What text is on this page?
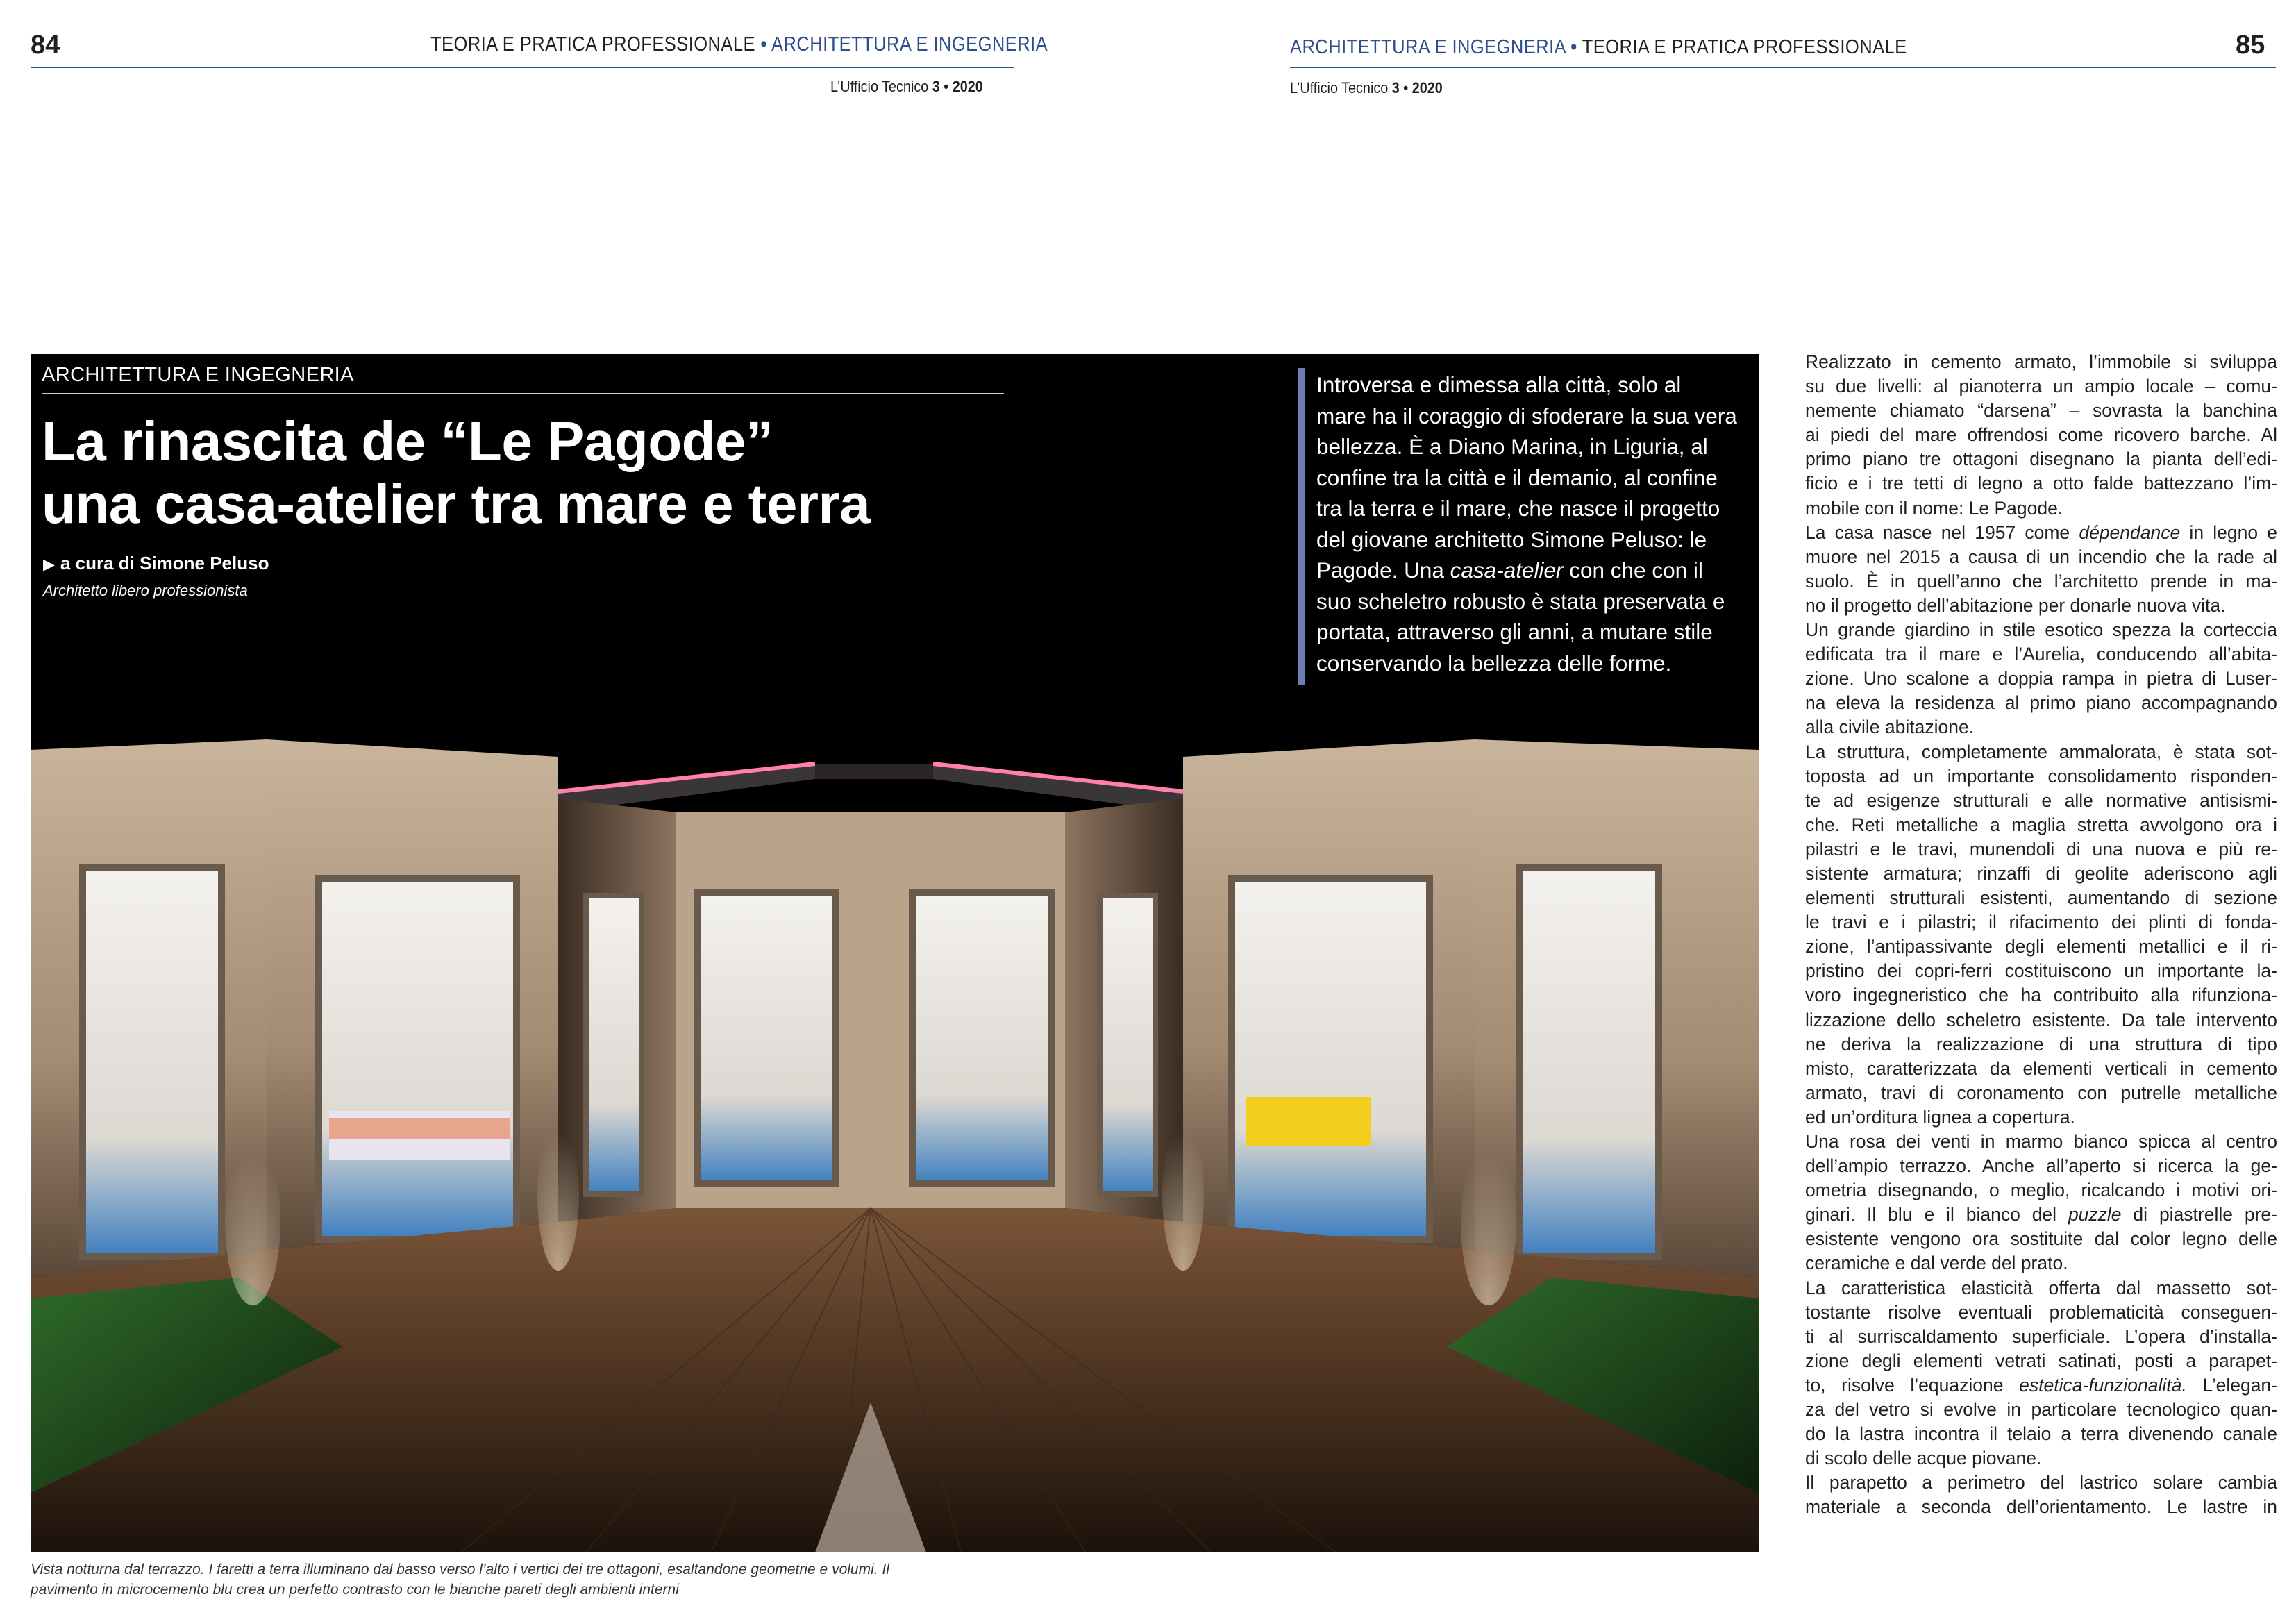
84	TEORIA E PRATICA PROFESSIONALE • ARCHITETTURA E INGEGNERIA
L’Ufficio Tecnico 3 • 2020
ARCHITETTURA E INGEGNERIA • TEORIA E PRATICA PROFESSIONALE	85
L’Ufficio Tecnico 3 • 2020
ARCHITETTURA E INGEGNERIA
La rinascita de “Le Pagode”
una casa-atelier tra mare e terra
▶ a cura di Simone Peluso
Architetto libero professionista
Introversa e dimessa alla città, solo al
mare ha il coraggio di sfoderare la sua vera
bellezza. È a Diano Marina, in Liguria, al
confine tra la città e il demanio, al confine
tra la terra e il mare, che nasce il progetto
del giovane architetto Simone Peluso: le
Pagode. Una casa-atelier con che con il
suo scheletro robusto è stata preservata e
portata, attraverso gli anni, a mutare stile
conservando la bellezza delle forme.
Vista notturna dal terrazzo. I faretti a terra illuminano dal basso verso l’alto i vertici dei tre ottagoni, esaltandone geometrie e volumi. Il
pavimento in microcemento blu crea un perfetto contrasto con le bianche pareti degli ambienti interni
Realizzato in cemento armato, l’immobile si sviluppa
su due livelli: al pianoterra un ampio locale – comu-
nemente chiamato “darsena” – sovrasta la banchina
ai piedi del mare offrendosi come ricovero barche. Al
primo piano tre ottagoni disegnano la pianta dell’edi-
ficio e i tre tetti di legno a otto falde battezzano l’im-
mobile con il nome: Le Pagode.
La casa nasce nel 1957 come dépendance in legno e
muore nel 2015 a causa di un incendio che la rade al
suolo. È in quell’anno che l’architetto prende in ma-
no il progetto dell’abitazione per donarle nuova vita.
Un grande giardino in stile esotico spezza la corteccia
edificata tra il mare e l’Aurelia, conducendo all’abita-
zione. Uno scalone a doppia rampa in pietra di Luser-
na eleva la residenza al primo piano accompagnando
alla civile abitazione.
La struttura, completamente ammalorata, è stata sot-
toposta ad un importante consolidamento risponden-
te ad esigenze strutturali e alle normative antisismi-
che. Reti metalliche a maglia stretta avvolgono ora i
pilastri e le travi, munendoli di una nuova e più re-
sistente armatura; rinzaffi di geolite aderiscono agli
elementi strutturali esistenti, aumentando di sezione
le travi e i pilastri; il rifacimento dei plinti di fonda-
zione, l’antipassivante degli elementi metallici e il ri-
pristino dei copri-ferri costituiscono un importante la-
voro ingegneristico che ha contribuito alla rifunziona-
lizzazione dello scheletro esistente. Da tale intervento
ne deriva la realizzazione di una struttura di tipo
misto, caratterizzata da elementi verticali in cemento
armato, travi di coronamento con putrelle metalliche
ed un’orditura lignea a copertura.
Una rosa dei venti in marmo bianco spicca al centro
dell’ampio terrazzo. Anche all’aperto si ricerca la ge-
ometria disegnando, o meglio, ricalcando i motivi ori-
ginari. Il blu e il bianco del puzzle di piastrelle pre-
esistente vengono ora sostituite dal color legno delle
ceramiche e dal verde del prato.
La caratteristica elasticità offerta dal massetto sot-
tostante risolve eventuali problematicità conseguen-
ti al surriscaldamento superficiale. L’opera d’installa-
zione degli elementi vetrati satinati, posti a parapet-
to, risolve l’equazione estetica-funzionalità. L’elegan-
za del vetro si evolve in particolare tecnologico quan-
do la lastra incontra il telaio a terra divenendo canale
di scolo delle acque piovane.
Il parapetto a perimetro del lastrico solare cambia
materiale a seconda dell’orientamento. Le lastre in
